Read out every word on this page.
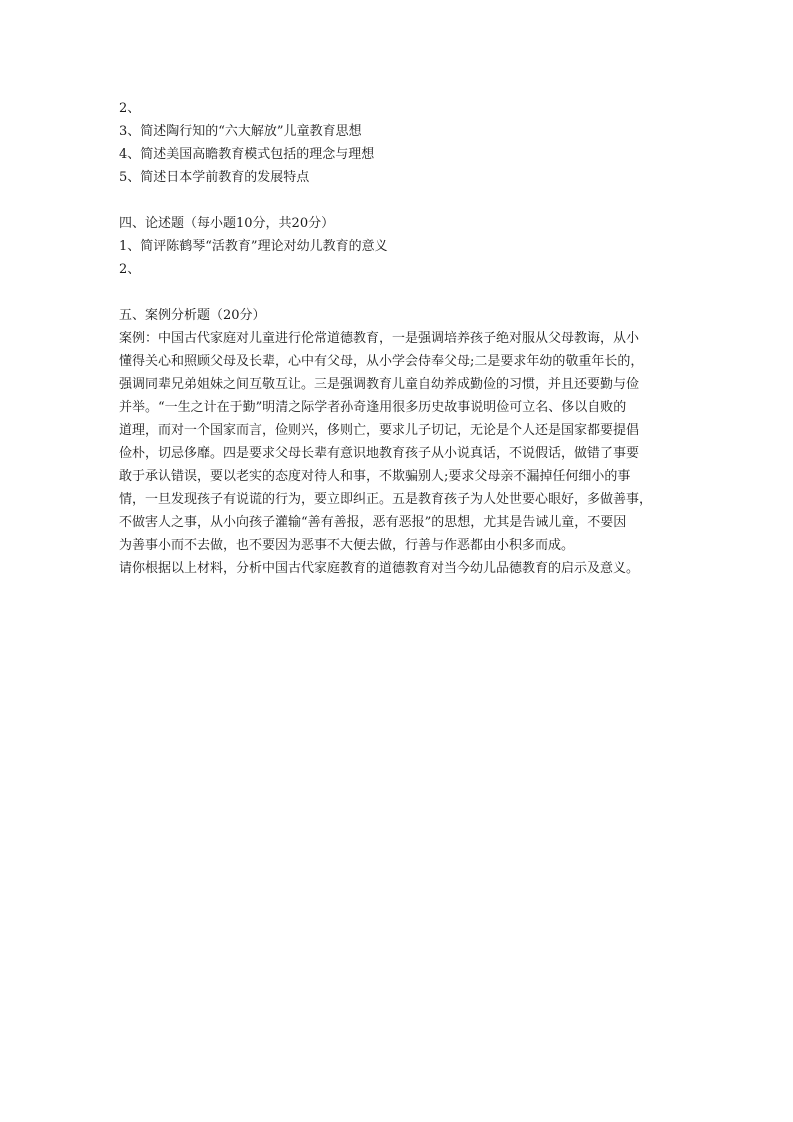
2、
3、简述陶行知的“六大解放”儿童教育思想
4、简述美国高瞻教育模式包括的理念与理想
5、简述日本学前教育的发展特点
四、论述题（每小题10分，共20分）
1、简评陈鹤琴“活教育”理论对幼儿教育的意义
2、
五、案例分析题（20分）
案例：中国古代家庭对儿童进行伦常道德教育，一是强调培养孩子绝对服从父母教诲，从小
懂得关心和照顾父母及长辈，心中有父母，从小学会侍奉父母;二是要求年幼的敬重年长的，
强调同辈兄弟姐妹之间互敬互让。三是强调教育儿童自幼养成勤俭的习惯，并且还要勤与俭
并举。“一生之计在于勤”明清之际学者孙奇逢用很多历史故事说明俭可立名、侈以自败的
道理，而对一个国家而言，俭则兴，侈则亡，要求儿子切记，无论是个人还是国家都要提倡
俭朴，切忌侈靡。四是要求父母长辈有意识地教育孩子从小说真话，不说假话，做错了事要
敢于承认错误，要以老实的态度对待人和事，不欺骗别人;要求父母亲不漏掉任何细小的事
情，一旦发现孩子有说谎的行为，要立即纠正。五是教育孩子为人处世要心眼好，多做善事，
不做害人之事，从小向孩子灌输“善有善报，恶有恶报”的思想，尤其是告诫儿童，不要因
为善事小而不去做，也不要因为恶事不大便去做，行善与作恶都由小积多而成。
请你根据以上材料，分析中国古代家庭教育的道德教育对当今幼儿品德教育的启示及意义。
